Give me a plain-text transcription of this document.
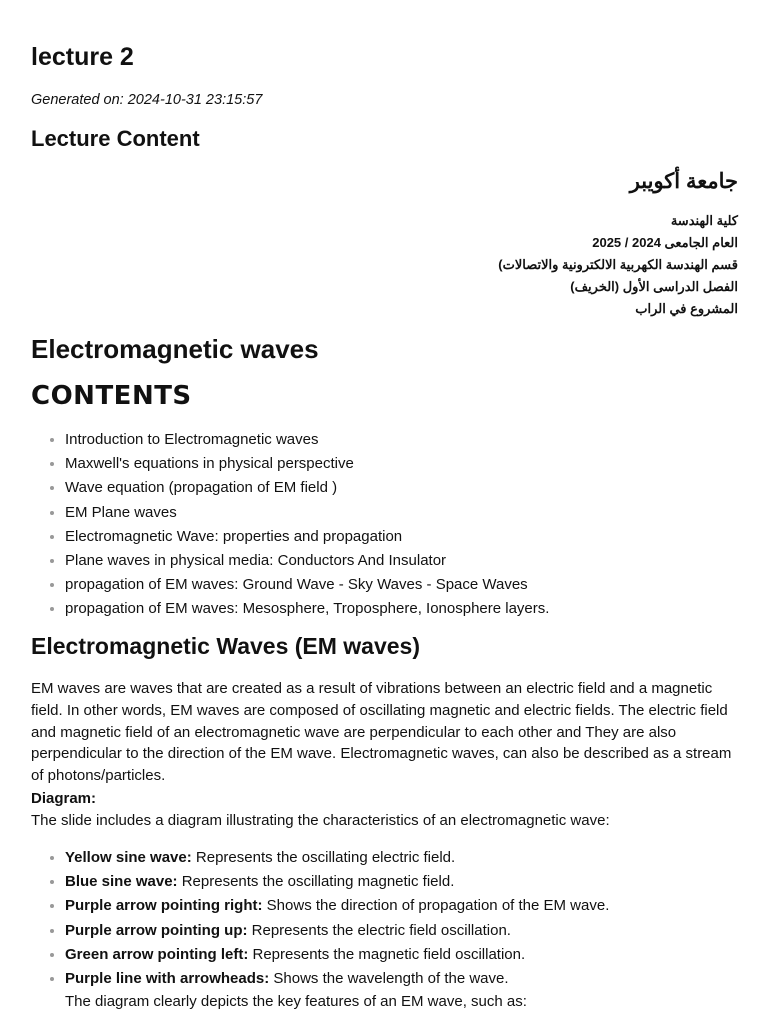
lecture 2

Generated on: 2024-10-31 23:15:57

Lecture Content

جامعة أكويبر

كلية الهندسة

العام الجامعى 2024 / 2025

قسم الهندسة الكهربية الالكترونية والاتصالات)

الفصل الدراسى الأول (الخريف)

المشروع في الراب

Electromagnetic waves
CONTENTS
• Introduction to Electromagnetic waves
• Maxwell's equations in physical perspective
• Wave equation (propagation of EM field )
• EM Plane waves
• Electromagnetic Wave: properties and propagation
• Plane waves in physical media: Conductors And Insulator
• propagation of EM waves: Ground Wave - Sky Waves - Space Waves
• propagation of EM waves: Mesosphere, Troposphere, Ionosphere layers.
Electromagnetic Waves (EM waves)

EM waves are waves that are created as a result of vibrations between an electric field and a magnetic field. In other words, EM waves are composed of oscillating magnetic and electric fields. The electric field and magnetic field of an electromagnetic wave are perpendicular to each other and They are also perpendicular to the direction of the EM wave. Electromagnetic waves, can also be described as a stream of photons/particles.

Diagram:

The slide includes a diagram illustrating the characteristics of an electromagnetic wave:

• Yellow sine wave: Represents the oscillating electric field.
• Blue sine wave: Represents the oscillating magnetic field.
• Purple arrow pointing right: Shows the direction of propagation of the EM wave.
• Purple arrow pointing up: Represents the electric field oscillation.
• Green arrow pointing left: Represents the magnetic field oscillation.
• Purple line with arrowheads: Shows the wavelength of the wave.
The diagram clearly depicts the key features of an EM wave, such as:
